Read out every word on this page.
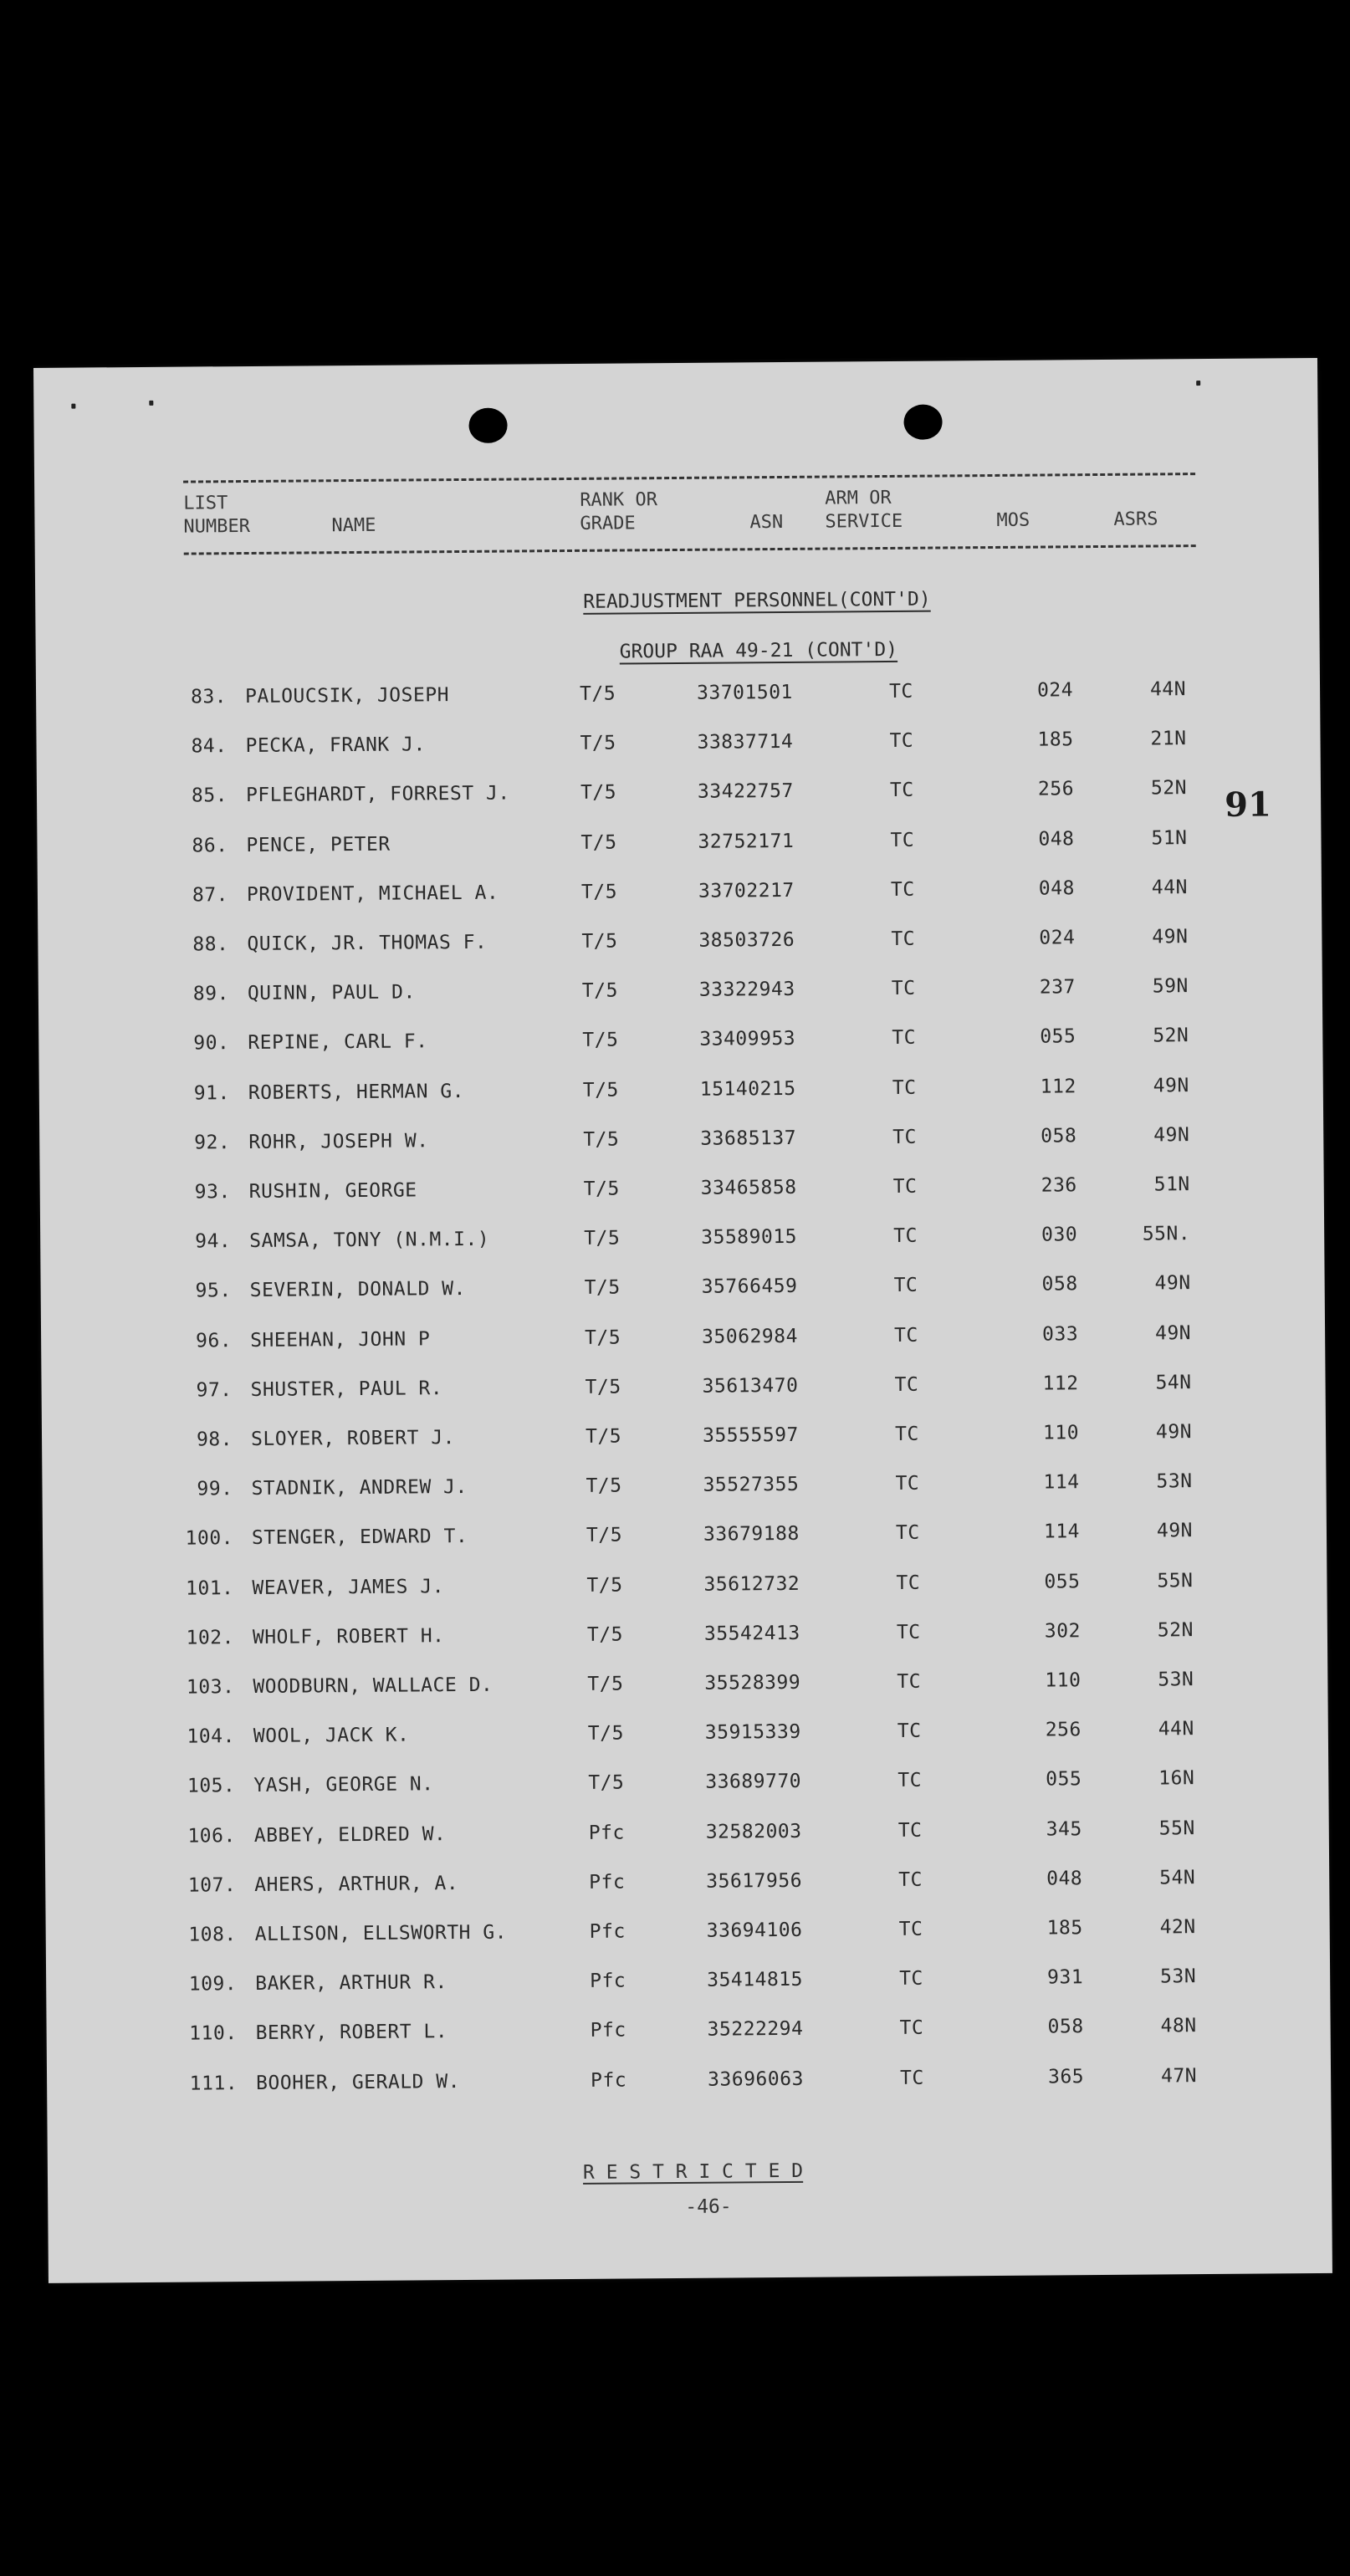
LIST
NUMBER	NAME
RANK OR
GRADE	ASN
ARM OR
SERVICE	MOS	ASRS
READJUSTMENT PERSONNEL(CONT'D)
GROUP RAA 49-21 (CONT'D)
83. PALOUCSIK, JOSEPH	T/5	33701501	TC	024	44N
84. PECKA, FRANK J.	T/5	33837714	TC	185	21N
85. PFLEGHARDT, FORREST J.	T/5	33422757	TC	256	52N
86. PENCE, PETER	T/5	32752171	TC	048	51N
87. PROVIDENT, MICHAEL A.	T/5	33702217	TC	048	44N
88. QUICK, JR. THOMAS F.	T/5	38503726	TC	024	49N
89. QUINN, PAUL D.	T/5	33322943	TC	237	59N
90. REPINE, CARL F.	T/5	33409953	TC	055	52N
91. ROBERTS, HERMAN G.	T/5	15140215	TC	112	49N
92. ROHR, JOSEPH W.	T/5	33685137	TC	058	49N
93. RUSHIN, GEORGE	T/5	33465858	TC	236	51N
94. SAMSA, TONY (N.M.I.)	T/5	35589015	TC	030	55N.
95. SEVERIN, DONALD W.	T/5	35766459	TC	058	49N
96. SHEEHAN, JOHN P	T/5	35062984	TC	033	49N
97. SHUSTER, PAUL R.	T/5	35613470	TC	112	54N
98. SLOYER, ROBERT J.	T/5	35555597	TC	110	49N
99. STADNIK, ANDREW J.	T/5	35527355	TC	114	53N
100. STENGER, EDWARD T.	T/5	33679188	TC	114	49N
101. WEAVER, JAMES J.	T/5	35612732	TC	055	55N
102. WHOLF, ROBERT H.	T/5	35542413	TC	302	52N
103. WOODBURN, WALLACE D.	T/5	35528399	TC	110	53N
104. WOOL, JACK K.	T/5	35915339	TC	256	44N
105. YASH, GEORGE N.	T/5	33689770	TC	055	16N
106. ABBEY, ELDRED W.	Pfc	32582003	TC	345	55N
107. AHERS, ARTHUR, A.	Pfc	35617956	TC	048	54N
108. ALLISON, ELLSWORTH G.	Pfc	33694106	TC	185	42N
109. BAKER, ARTHUR R.	Pfc	35414815	TC	931	53N
110. BERRY, ROBERT L.	Pfc	35222294	TC	058	48N
111. BOOHER, GERALD W.	Pfc	33696063	TC	365	47N
91
R E S T R I C T E D
-46-
